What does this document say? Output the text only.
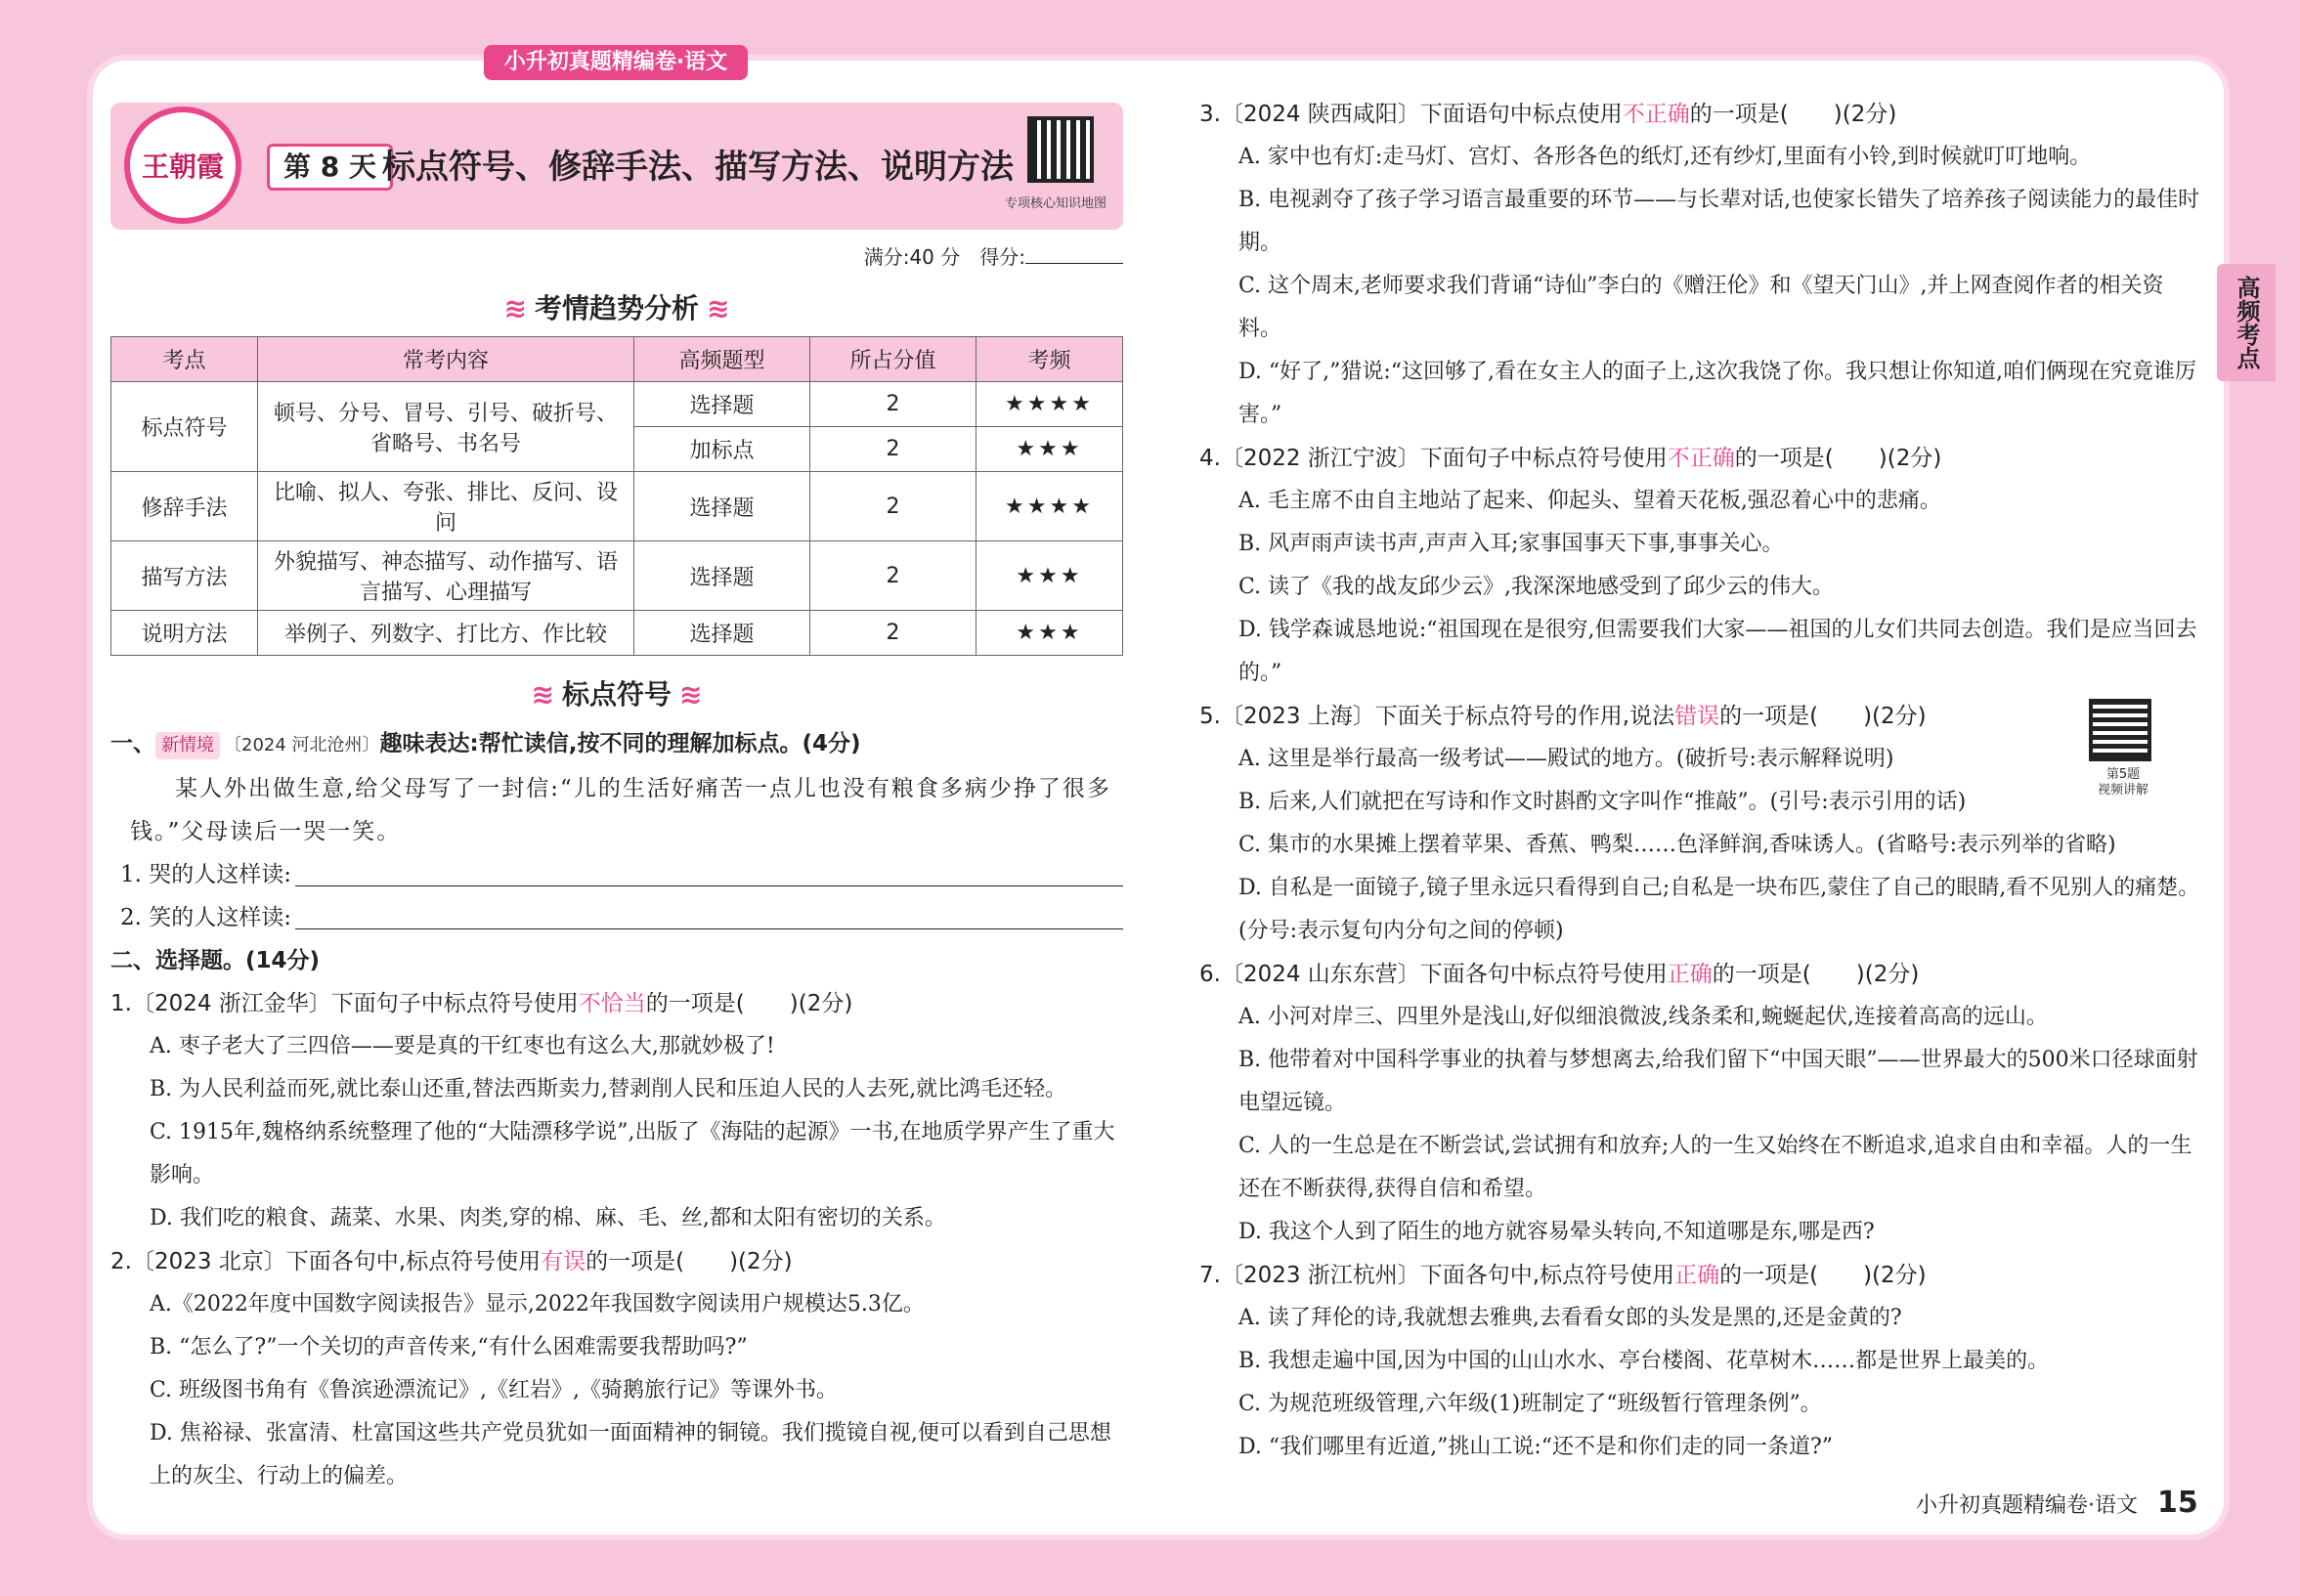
小升初真题精编卷·语文
高频考点
王朝霞	第 8 天 标点符号、修辞手法、描写方法、说明方法
专项核心知识地图
满分:40 分　得分:
≋ 考情趋势分析 ≋
考点	常考内容	高频题型	所占分值	考频
标点符号	顿号、分号、冒号、引号、破折号、省略号、书名号	选择题	2	★★★★
		加标点	2	★★★
修辞手法	比喻、拟人、夸张、排比、反问、设问	选择题	2	★★★★
描写方法	外貌描写、神态描写、动作描写、语言描写、心理描写	选择题	2	★★★
说明方法	举例子、列数字、打比方、作比较	选择题	2	★★★
≋ 标点符号 ≋
一、 新情境 〔2024 河北沧州〕趣味表达:帮忙读信,按不同的理解加标点。(4分)
某人外出做生意,给父母写了一封信:“儿的生活好痛苦一点儿也没有粮食多病少挣了很多钱。”父母读后一哭一笑。
1. 哭的人这样读:
2. 笑的人这样读:
二、选择题。(14分)
1.〔2024 浙江金华〕下面句子中标点符号使用不恰当的一项是(　　)(2分)
A. 枣子老大了三四倍——要是真的干红枣也有这么大,那就妙极了!
B. 为人民利益而死,就比泰山还重,替法西斯卖力,替剥削人民和压迫人民的人去死,就比鸿毛还轻。
C. 1915年,魏格纳系统整理了他的“大陆漂移学说”,出版了《海陆的起源》一书,在地质学界产生了重大影响。
D. 我们吃的粮食、蔬菜、水果、肉类,穿的棉、麻、毛、丝,都和太阳有密切的关系。
2.〔2023 北京〕下面各句中,标点符号使用有误的一项是(　　)(2分)
A.《2022年度中国数字阅读报告》显示,2022年我国数字阅读用户规模达5.3亿。
B. “怎么了?”一个关切的声音传来,“有什么困难需要我帮助吗?”
C. 班级图书角有《鲁滨逊漂流记》,《红岩》,《骑鹅旅行记》等课外书。
D. 焦裕禄、张富清、杜富国这些共产党员犹如一面面精神的铜镜。我们揽镜自视,便可以看到自己思想上的灰尘、行动上的偏差。
3.〔2024 陕西咸阳〕下面语句中标点使用不正确的一项是(　　)(2分)
A. 家中也有灯:走马灯、宫灯、各形各色的纸灯,还有纱灯,里面有小铃,到时候就叮叮地响。
B. 电视剥夺了孩子学习语言最重要的环节——与长辈对话,也使家长错失了培养孩子阅读能力的最佳时期。
C. 这个周末,老师要求我们背诵“诗仙”李白的《赠汪伦》和《望天门山》,并上网查阅作者的相关资料。
D. “好了,”猎说:“这回够了,看在女主人的面子上,这次我饶了你。我只想让你知道,咱们俩现在究竟谁厉害。”
4.〔2022 浙江宁波〕下面句子中标点符号使用不正确的一项是(　　)(2分)
A. 毛主席不由自主地站了起来、仰起头、望着天花板,强忍着心中的悲痛。
B. 风声雨声读书声,声声入耳;家事国事天下事,事事关心。
C. 读了《我的战友邱少云》,我深深地感受到了邱少云的伟大。
D. 钱学森诚恳地说:“祖国现在是很穷,但需要我们大家——祖国的儿女们共同去创造。我们是应当回去的。”
5.〔2023 上海〕下面关于标点符号的作用,说法错误的一项是(　　)(2分)
A. 这里是举行最高一级考试——殿试的地方。(破折号:表示解释说明)
B. 后来,人们就把在写诗和作文时斟酌文字叫作“推敲”。(引号:表示引用的话)
C. 集市的水果摊上摆着苹果、香蕉、鸭梨……色泽鲜润,香味诱人。(省略号:表示列举的省略)
D. 自私是一面镜子,镜子里永远只看得到自己;自私是一块布匹,蒙住了自己的眼睛,看不见别人的痛楚。(分号:表示复句内分句之间的停顿)
6.〔2024 山东东营〕下面各句中标点符号使用正确的一项是(　　)(2分)
A. 小河对岸三、四里外是浅山,好似细浪微波,线条柔和,蜿蜒起伏,连接着高高的远山。
B. 他带着对中国科学事业的执着与梦想离去,给我们留下“中国天眼”——世界最大的500米口径球面射电望远镜。
C. 人的一生总是在不断尝试,尝试拥有和放弃;人的一生又始终在不断追求,追求自由和幸福。人的一生还在不断获得,获得自信和希望。
D. 我这个人到了陌生的地方就容易晕头转向,不知道哪是东,哪是西?
7.〔2023 浙江杭州〕下面各句中,标点符号使用正确的一项是(　　)(2分)
A. 读了拜伦的诗,我就想去雅典,去看看女郎的头发是黑的,还是金黄的?
B. 我想走遍中国,因为中国的山山水水、亭台楼阁、花草树木……都是世界上最美的。
C. 为规范班级管理,六年级(1)班制定了“班级暂行管理条例”。
D. “我们哪里有近道,”挑山工说:“还不是和你们走的同一条道?”
第5题
视频讲解
小升初真题精编卷·语文 15
